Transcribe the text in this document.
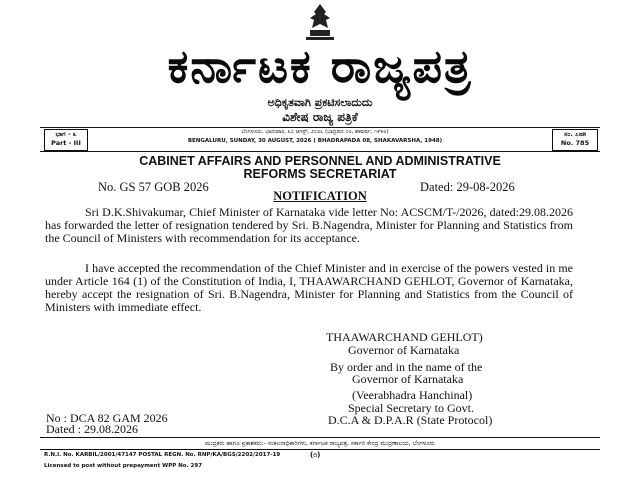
ಕರ್ನಾಟಕ ರಾಜ್ಯಪತ್ರ
ಅಧಿಕೃತವಾಗಿ ಪ್ರಕಟಿಸಲಾದುದು
ವಿಶೇಷ ರಾಜ್ಯ ಪತ್ರಿಕೆ
ಭಾಗ - ೩
Part - III
ಬೆಂಗಳೂರು, ಭಾನುವಾರ, ೩೦ ಆಗಸ್ಟ್, ೨೦೨೬ (ಭಾದ್ರಪದ ೦೮, ಶಕವರ್ಷ, ೧೯೪೮)
BENGALURU, SUNDAY, 30 AUGUST, 2026 ( BHADRAPADA 08, SHAKAVARSHA, 1948)
ಸಂ. ೭೮೫
No. 785
CABINET AFFAIRS AND PERSONNEL AND ADMINISTRATIVE
REFORMS SECRETARIAT
No. GS 57 GOB 2026	Dated: 29-08-2026
NOTIFICATION
Sri D.K.Shivakumar, Chief Minister of Karnataka vide letter No: ACSCM/T-/2026, dated:29.08.2026 has forwarded the letter of resignation tendered by Sri. B.Nagendra, Minister for Planning and Statistics from the Council of Ministers with recommendation for its acceptance.
I have accepted the recommendation of the Chief Minister and in exercise of the powers vested in me under Article 164 (1) of the Constitution of India, I, THAAWARCHAND GEHLOT, Governor of Karnataka, hereby accept the resignation of Sri. B.Nagendra, Minister for Planning and Statistics from the Council of Ministers with immediate effect.
THAAWARCHAND GEHLOT)
Governor of Karnataka
By order and in the name of the
Governor of Karnataka
(Veerabhadra Hanchinal)
Special Secretary to Govt.
D.C.A & D.P.A.R (State Protocol)
No : DCA 82 GAM 2026
Dated : 29.08.2026
ಮುದ್ರಕರು ಹಾಗೂ ಪ್ರಕಾಶಕರು:- ಸಂಕಲನಾಧಿಕಾರಿಗಳು, ಕರ್ನಾಟಕ ರಾಜ್ಯಪತ್ರ, ಸರ್ಕಾರಿ ಕೇಂದ್ರ ಮುದ್ರಣಾಲಯ, ಬೆಂಗಳೂರು
R.N.I. No. KARBIL/2001/47147 POSTAL REGN. No. RNP/KA/BGS/2202/2017-19	(೧)
Licensed to post without prepayment WPP No. 297
